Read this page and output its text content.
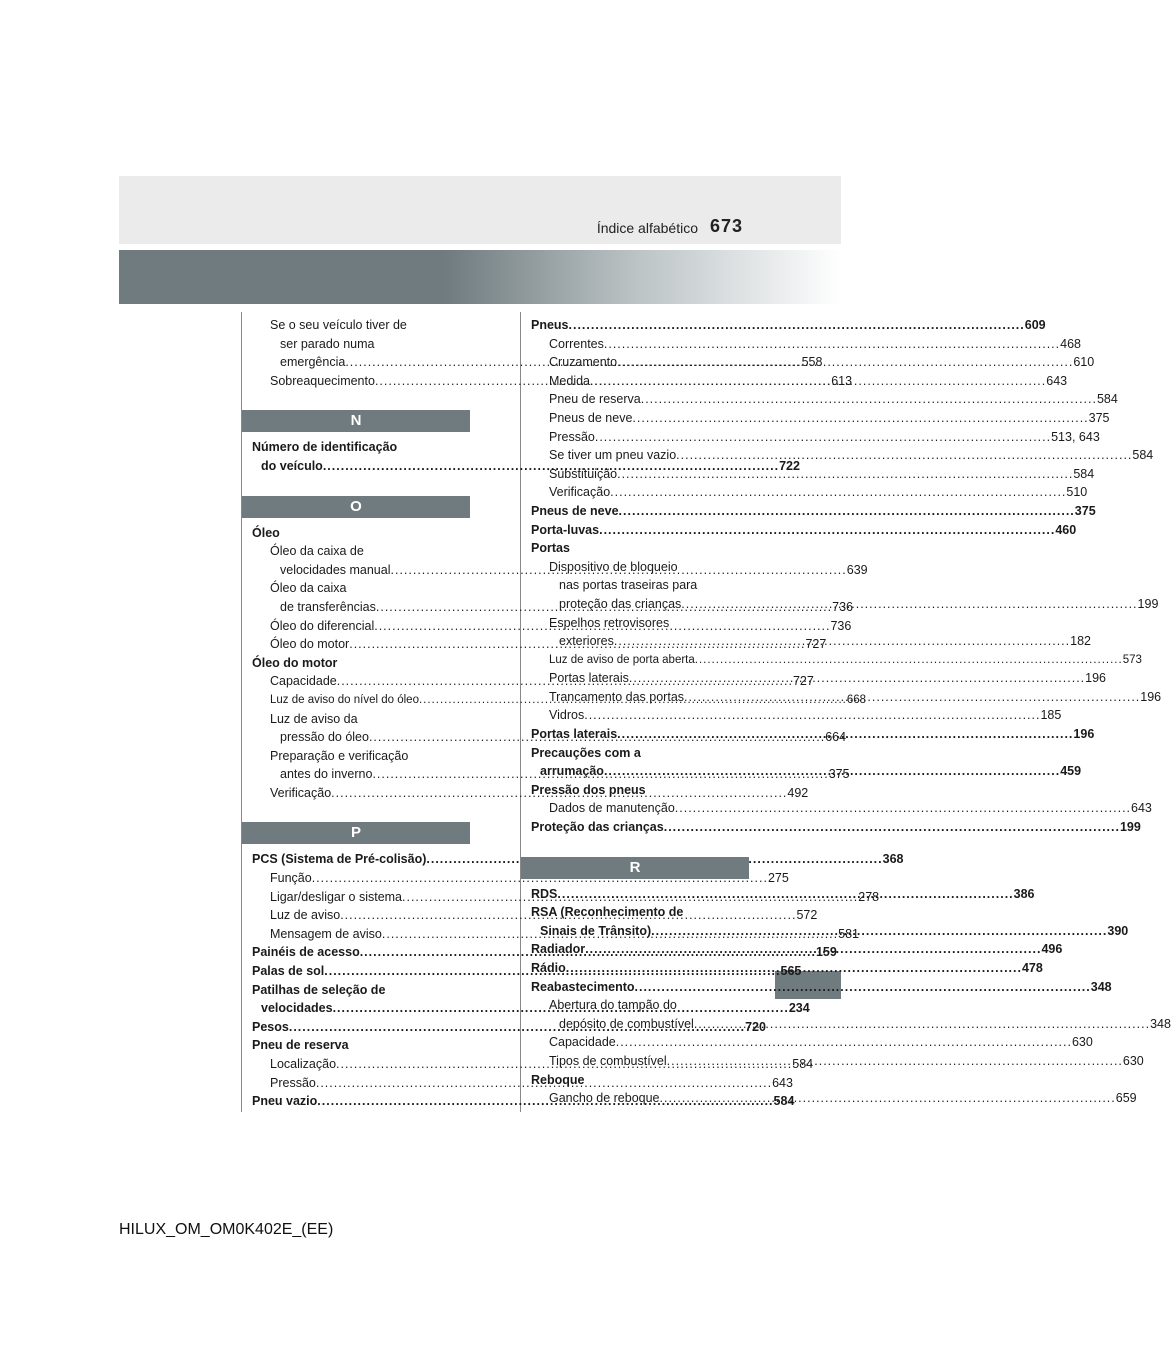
Índice alfabético 673
Se o seu veículo tiver de
ser parado numa
emergência .....	558
Sobreaquecimento .....	613
N
Número de identificação
do veículo .....	722
O
Óleo
Óleo da caixa de
velocidades manual .....	639
Óleo da caixa
de transferências .....	736
Óleo do diferencial .....	736
Óleo do motor .....	727
Óleo do motor
Capacidade .....	727
Luz de aviso do nível do óleo .....	668
Luz de aviso da
pressão do óleo .....	664
Preparação e verificação
antes do inverno .....	375
Verificação .....	492
P
PCS (Sistema de Pré-colisão) .....	368
Função .....	275
Ligar/desligar o sistema .....	278
Luz de aviso .....	572
Mensagem de aviso .....	581
Painéis de acesso .....	159
Palas de sol .....	565
Patilhas de seleção de
velocidades .....	234
Pesos .....	720
Pneu de reserva
Localização .....	584
Pressão .....	643
Pneu vazio .....	584
Pneus .....	609
Correntes .....	468
Cruzamento .....	610
Medida .....	643
Pneu de reserva .....	584
Pneus de neve .....	375
Pressão .....	513, 643
Se tiver um pneu vazio .....	584
Substituição .....	584
Verificação .....	510
Pneus de neve .....	375
Porta-luvas .....	460
Portas
Dispositivo de bloqueio
nas portas traseiras para
proteção das crianças .....	199
Espelhos retrovisores
exteriores .....	182
Luz de aviso de porta aberta .....	573
Portas laterais .....	196
Trancamento das portas .....	196
Vidros .....	185
Portas laterais .....	196
Precauções com a
arrumação .....	459
Pressão dos pneus
Dados de manutenção .....	643
Proteção das crianças .....	199
R
RDS .....	386
RSA (Reconhecimento de
Sinais de Trânsito) .....	390
Radiador .....	496
Rádio .....	478
Reabastecimento .....	348
Abertura do tampão do
depósito de combustível .....	348
Capacidade .....	630
Tipos de combustível .....	630
Reboque
Gancho de reboque .....	659
HILUX_OM_OM0K402E_(EE)
